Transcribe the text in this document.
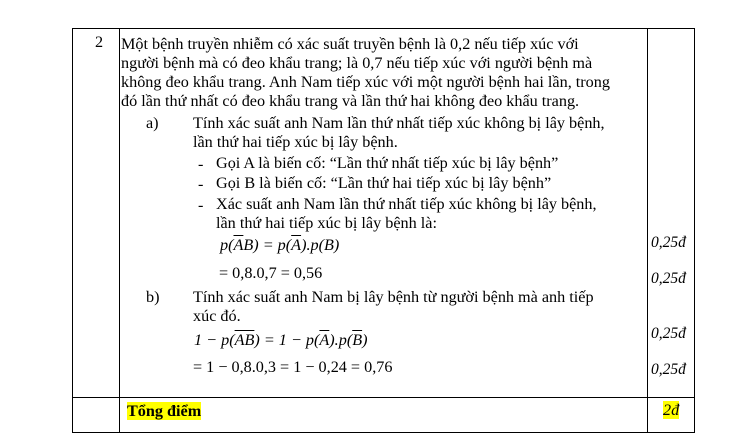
2 Một bệnh truyền nhiễm có xác suất truyền bệnh là 0,2 nếu tiếp xúc với
người bệnh mà có đeo khẩu trang; là 0,7 nếu tiếp xúc với người bệnh mà
không đeo khẩu trang. Anh Nam tiếp xúc với một người bệnh hai lần, trong
đó lần thứ nhất có đeo khẩu trang và lần thứ hai không đeo khẩu trang.
a) Tính xác suất anh Nam lần thứ nhất tiếp xúc không bị lây bệnh,
lần thứ hai tiếp xúc bị lây bệnh.
- Gọi A là biến cố: “Lần thứ nhất tiếp xúc bị lây bệnh”
- Gọi B là biến cố: “Lần thứ hai tiếp xúc bị lây bệnh”
- Xác suất anh Nam lần thứ nhất tiếp xúc không bị lây bệnh,
lần thứ hai tiếp xúc bị lây bệnh là:
$p(\overline{A}B) = p(\overline{A}).p(B)$
= 0,8.0,7 = 0,56
0,25đ
0,25đ
b) Tính xác suất anh Nam bị lây bệnh từ người bệnh mà anh tiếp
xúc đó.
$1 - p(\overline{A}\overline{B}) = 1 - p(\overline{A}).p(\overline{B})$
= 1 − 0,8.0,3 = 1 − 0,24 = 0,76
0,25đ
0,25đ
Tổng điểm	2đ
